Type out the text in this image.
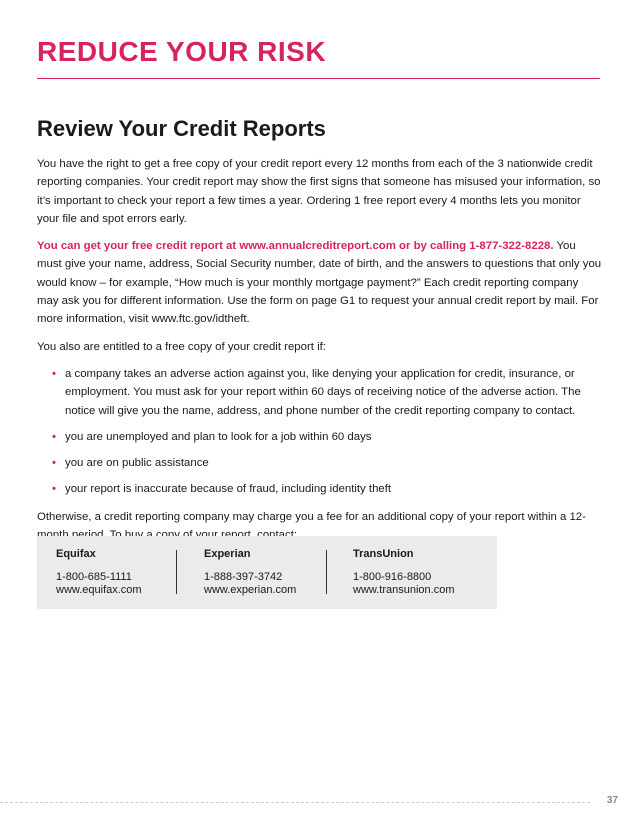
REDUCE YOUR RISK
Review Your Credit Reports

You have the right to get a free copy of your credit report every 12 months from each of the 3 nationwide credit reporting companies. Your credit report may show the first signs that someone has misused your information, so it’s important to check your report a few times a year. Ordering 1 free report every 4 months lets you monitor your file and spot errors early.

You can get your free credit report at www.annualcreditreport.com or by calling 1-877-322-8228. You must give your name, address, Social Security number, date of birth, and the answers to questions that only you would know – for example, “How much is your monthly mortgage payment?” Each credit reporting company may ask you for different information. Use the form on page G1 to request your annual credit report by mail. For more information, visit www.ftc.gov/idtheft.

You also are entitled to a free copy of your credit report if:

• a company takes an adverse action against you, like denying your application for credit, insurance, or employment. You must ask for your report within 60 days of receiving notice of the adverse action. The notice will give you the name, address, and phone number of the credit reporting company to contact.
• you are unemployed and plan to look for a job within 60 days
• you are on public assistance
• your report is inaccurate because of fraud, including identity theft

Otherwise, a credit reporting company may charge you a fee for an additional copy of your report within a 12-

Equifax
1-800-685-1111
www.equifax.com
Experian
1-888-397-3742
www.experian.com
TransUnion
1-800-916-8800
www.transunion.com
37
